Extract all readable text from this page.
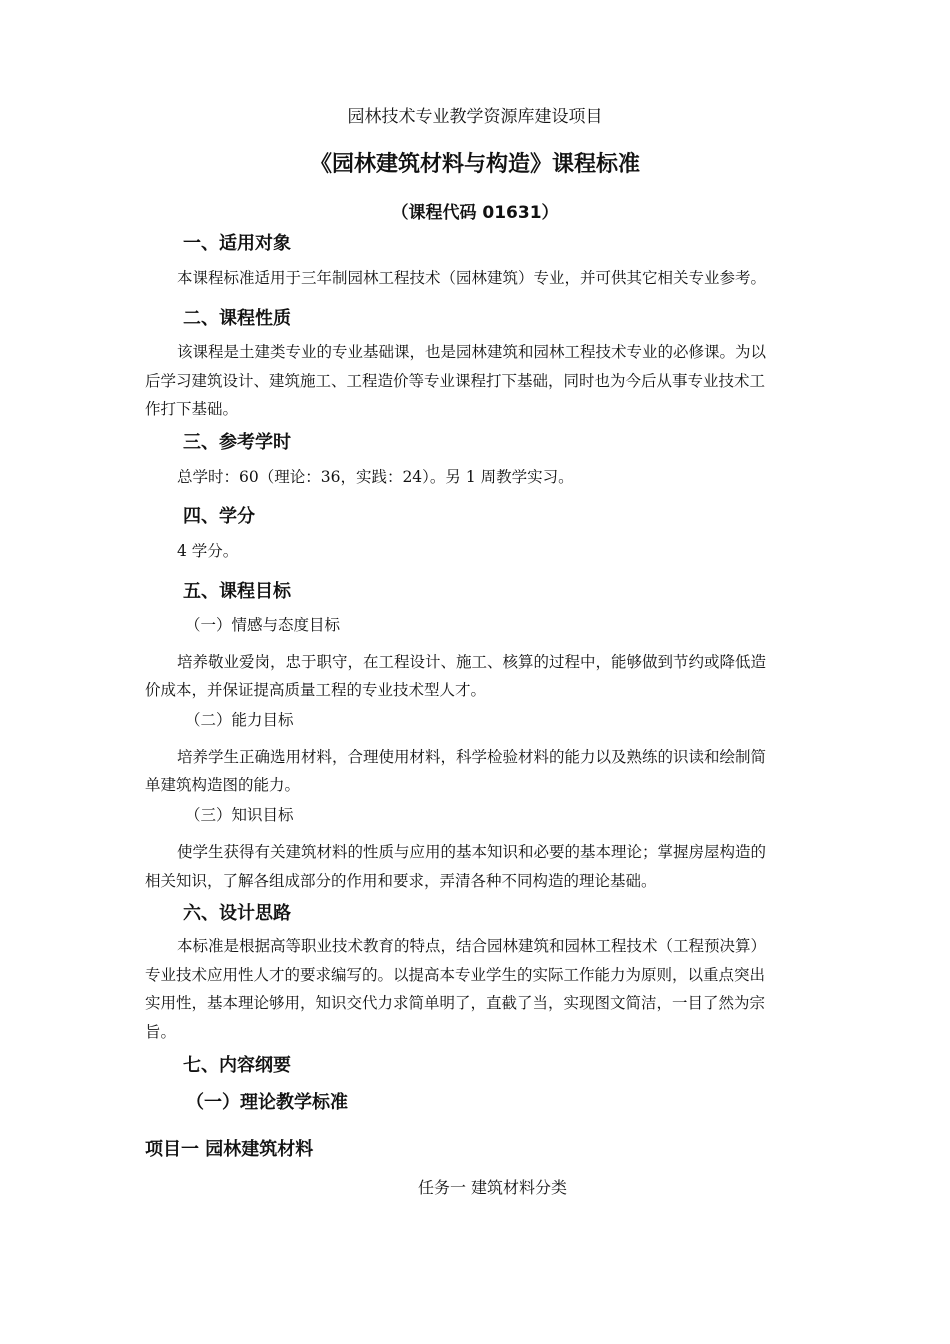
园林技术专业教学资源库建设项目
《园林建筑材料与构造》课程标准
（课程代码 01631）
一、适用对象
本课程标准适用于三年制园林工程技术（园林建筑）专业，并可供其它相关专业参考。
二、课程性质
该课程是土建类专业的专业基础课，也是园林建筑和园林工程技术专业的必修课。为以
后学习建筑设计、建筑施工、工程造价等专业课程打下基础，同时也为今后从事专业技术工
作打下基础。
三、参考学时
总学时：60（理论：36，实践：24）。另 1 周教学实习。
四、学分
4 学分。
五、课程目标
（一）情感与态度目标
培养敬业爱岗，忠于职守，在工程设计、施工、核算的过程中，能够做到节约或降低造
价成本，并保证提高质量工程的专业技术型人才。
（二）能力目标
培养学生正确选用材料，合理使用材料，科学检验材料的能力以及熟练的识读和绘制简
单建筑构造图的能力。
（三）知识目标
使学生获得有关建筑材料的性质与应用的基本知识和必要的基本理论；掌握房屋构造的
相关知识，了解各组成部分的作用和要求，弄清各种不同构造的理论基础。
六、设计思路
本标准是根据高等职业技术教育的特点，结合园林建筑和园林工程技术（工程预决算）
专业技术应用性人才的要求编写的。以提高本专业学生的实际工作能力为原则，以重点突出
实用性，基本理论够用，知识交代力求简单明了，直截了当，实现图文简洁，一目了然为宗
旨。
七、内容纲要
（一）理论教学标准
项目一 园林建筑材料
任务一 建筑材料分类
